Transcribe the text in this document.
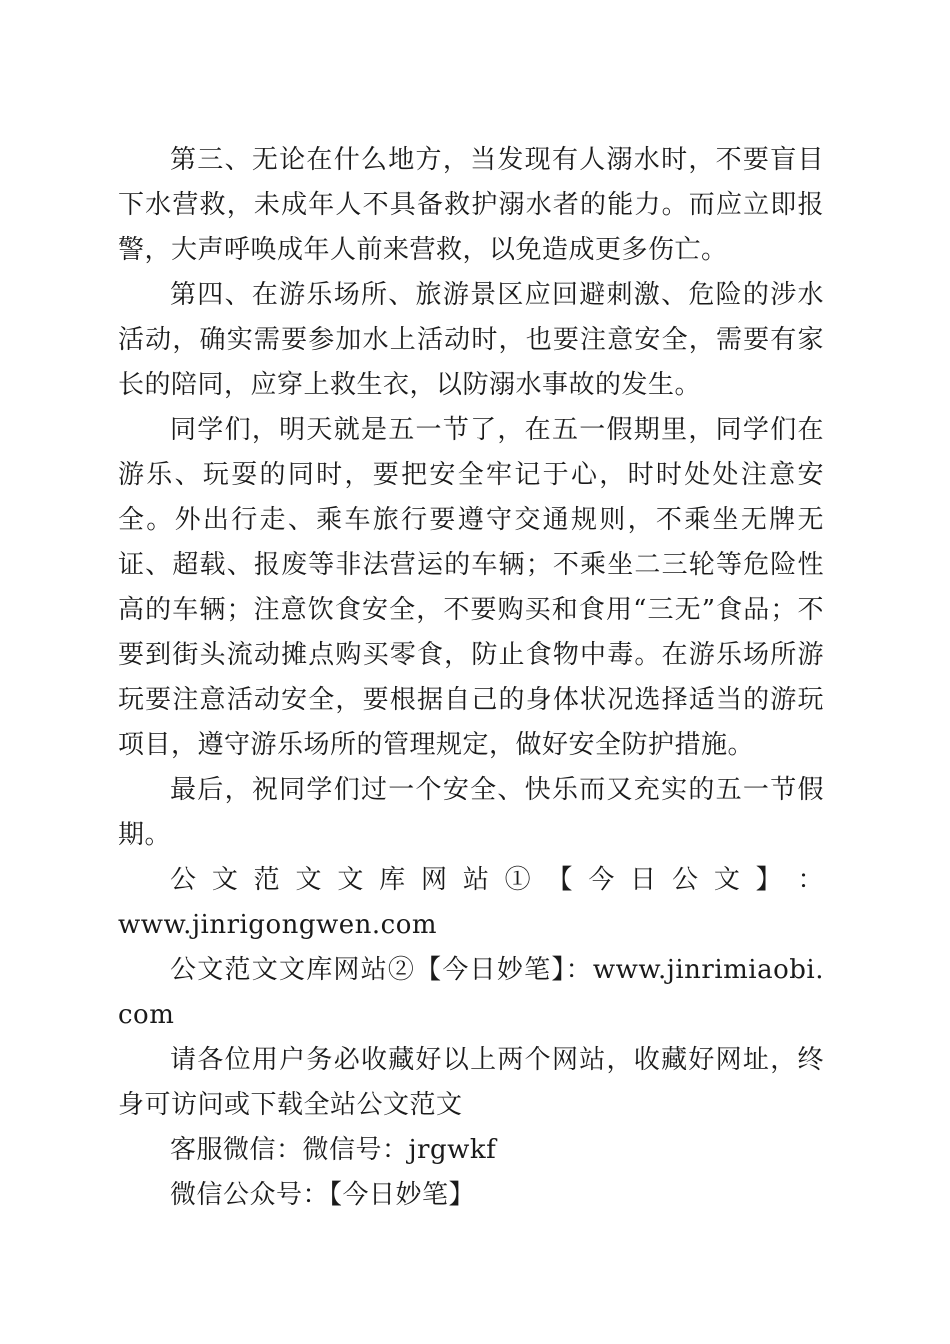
第三、无论在什么地方，当发现有人溺水时，不要盲目下水营救，未成年人不具备救护溺水者的能力。而应立即报警，大声呼唤成年人前来营救，以免造成更多伤亡。

第四、在游乐场所、旅游景区应回避刺激、危险的涉水活动，确实需要参加水上活动时，也要注意安全，需要有家长的陪同，应穿上救生衣，以防溺水事故的发生。

同学们，明天就是五一节了，在五一假期里，同学们在游乐、玩耍的同时，要把安全牢记于心，时时处处注意安全。外出行走、乘车旅行要遵守交通规则，不乘坐无牌无证、超载、报废等非法营运的车辆；不乘坐二三轮等危险性高的车辆；注意饮食安全，不要购买和食用“三无”食品；不要到街头流动摊点购买零食，防止食物中毒。在游乐场所游玩要注意活动安全，要根据自己的身体状况选择适当的游玩项目，遵守游乐场所的管理规定，做好安全防护措施。

最后，祝同学们过一个安全、快乐而又充实的五一节假期。

公 文 范 文 文 库 网 站 ① 【 今 日 公 文 】 ：

www.jinrigongwen.com

公文范文文库网站②【今日妙笔】：www.jinrimiaobi.com

请各位用户务必收藏好以上两个网站，收藏好网址，终身可访问或下载全站公文范文

客服微信：微信号：jrgwkf

微信公众号：【今日妙笔】
